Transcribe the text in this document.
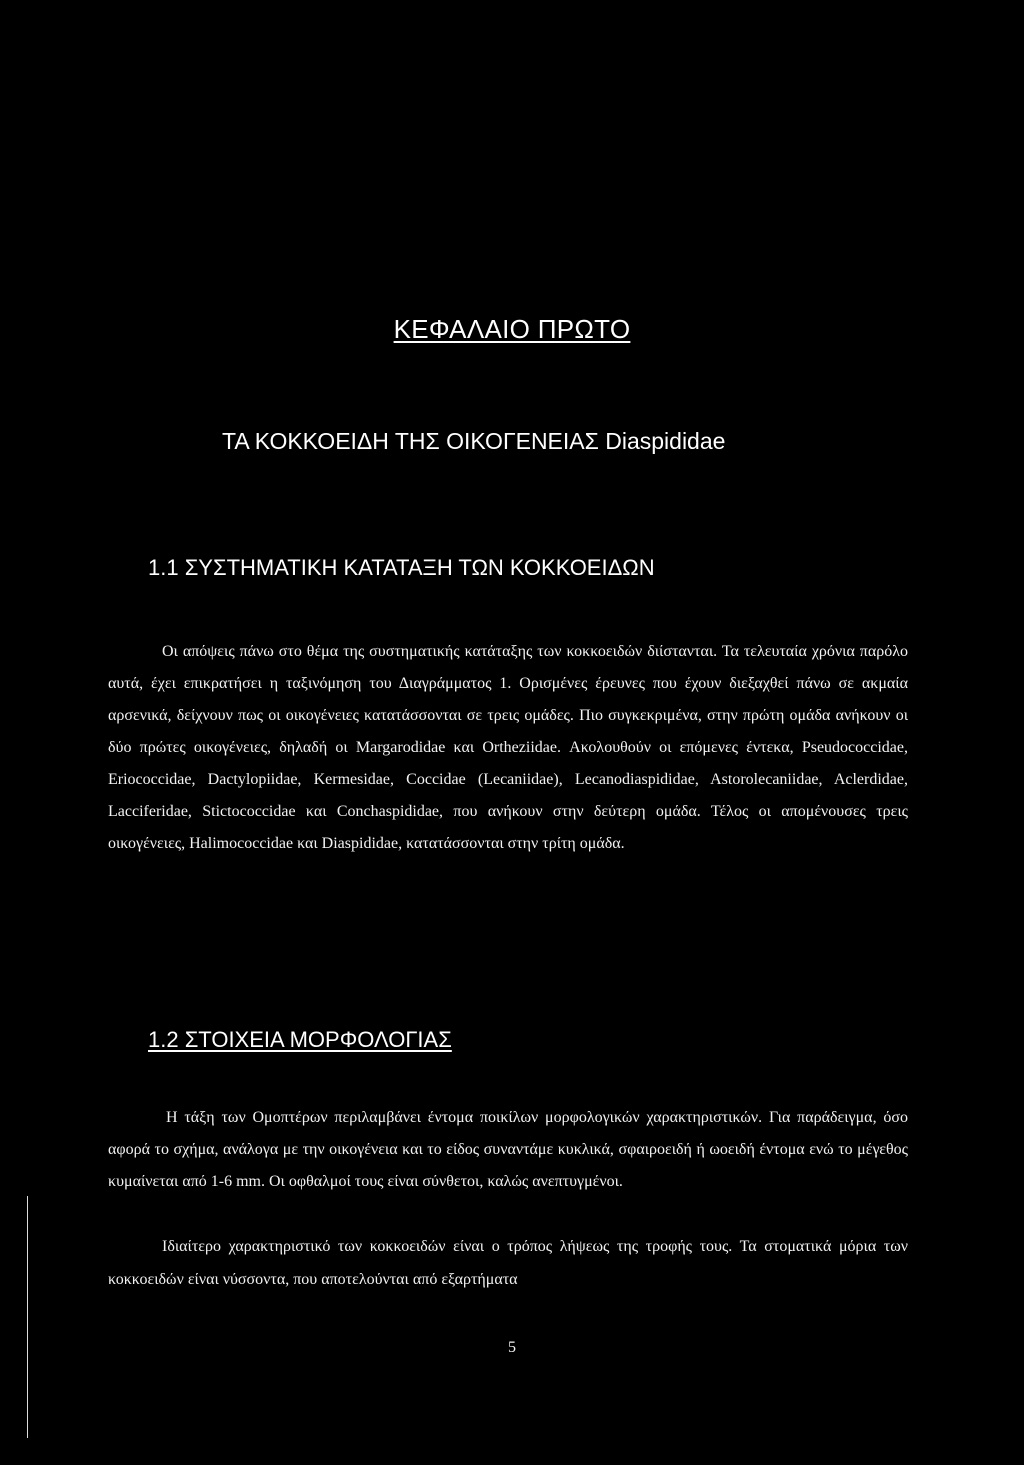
ΚΕΦΑΛΑΙΟ ΠΡΩΤΟ
ΤΑ ΚΟΚΚΟΕΙΔΗ ΤΗΣ ΟΙΚΟΓΕΝΕΙΑΣ Diaspididae
1.1 ΣΥΣΤΗΜΑΤΙΚΗ ΚΑΤΑΤΑΞΗ ΤΩΝ ΚΟΚΚΟΕΙΔΩΝ

Οι απόψεις πάνω στο θέμα της συστηματικής κατάταξης των κοκκοειδών διίστανται. Τα τελευταία χρόνια παρόλο αυτά, έχει επικρατήσει η ταξινόμηση του Διαγράμματος 1. Ορισμένες έρευνες που έχουν διεξαχθεί πάνω σε ακμαία αρσενικά, δείχνουν πως οι οικογένειες κατατάσσονται σε τρεις ομάδες. Πιο συγκεκριμένα, στην πρώτη ομάδα ανήκουν οι δύο πρώτες οικογένειες, δηλαδή οι Margarodidae και Ortheziidae. Ακολουθούν οι επόμενες έντεκα, Pseudococcidae, Eriococcidae, Dactylopiidae, Kermesidae, Coccidae (Lecaniidae), Lecanodiaspididae, Astorolecaniidae, Aclerdidae, Lacciferidae, Stictococcidae και Conchaspididae, που ανήκουν στην δεύτερη ομάδα. Τέλος οι απομένουσες τρεις οικογένειες, Halimococcidae και Diaspididae, κατατάσσονται στην τρίτη ομάδα.

1.2 ΣΤΟΙΧΕΙΑ ΜΟΡΦΟΛΟΓΙΑΣ

Η τάξη των Ομοπτέρων περιλαμβάνει έντομα ποικίλων μορφολογικών χαρακτηριστικών. Για παράδειγμα, όσο αφορά το σχήμα, ανάλογα με την οικογένεια και το είδος συναντάμε κυκλικά, σφαιροειδή ή ωοειδή έντομα ενώ το μέγεθος κυμαίνεται από 1-6 mm. Οι οφθαλμοί τους είναι σύνθετοι, καλώς ανεπτυγμένοι.

Ιδιαίτερο χαρακτηριστικό των κοκκοειδών είναι ο τρόπος λήψεως της τροφής τους. Τα στοματικά μόρια των κοκκοειδών είναι νύσσοντα, που αποτελούνται από εξαρτήματα

5
